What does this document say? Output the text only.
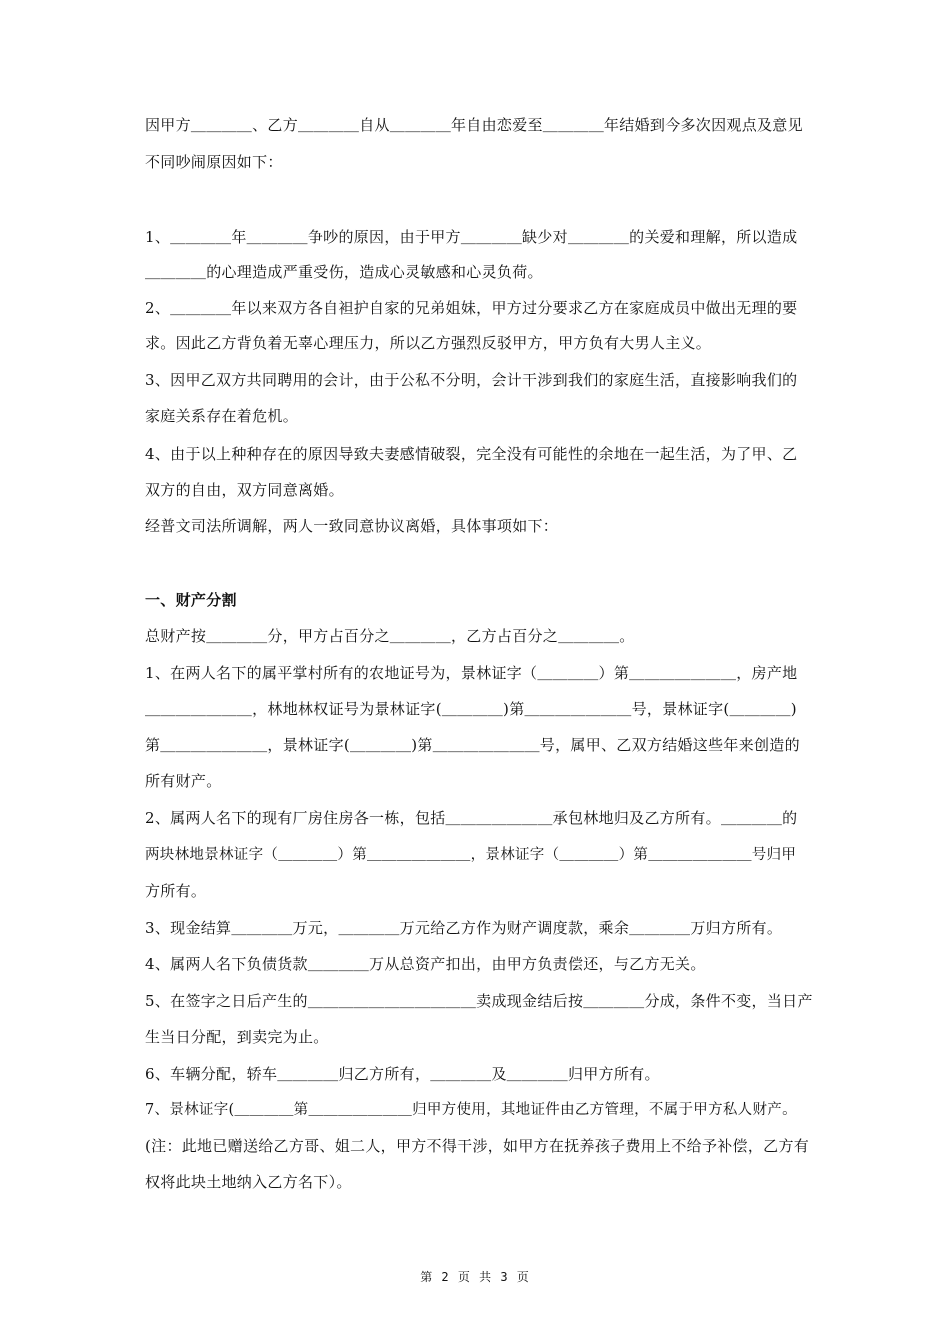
因甲方＿＿＿＿、乙方＿＿＿＿自从＿＿＿＿年自由恋爱至＿＿＿＿年结婚到今多次因观点及意见
不同吵闹原因如下：
1、＿＿＿＿年＿＿＿＿争吵的原因，由于甲方＿＿＿＿缺少对＿＿＿＿的关爱和理解，所以造成
＿＿＿＿的心理造成严重受伤，造成心灵敏感和心灵负荷。
2、＿＿＿＿年以来双方各自袒护自家的兄弟姐妹，甲方过分要求乙方在家庭成员中做出无理的要
求。因此乙方背负着无辜心理压力，所以乙方强烈反驳甲方，甲方负有大男人主义。
3、因甲乙双方共同聘用的会计，由于公私不分明，会计干涉到我们的家庭生活，直接影响我们的
家庭关系存在着危机。
4、由于以上种种存在的原因导致夫妻感情破裂，完全没有可能性的余地在一起生活，为了甲、乙
双方的自由，双方同意离婚。
经普文司法所调解，两人一致同意协议离婚，具体事项如下：
一、财产分割
总财产按＿＿＿＿分，甲方占百分之＿＿＿＿，乙方占百分之＿＿＿＿。
1、在两人名下的属平掌村所有的农地证号为，景林证字（＿＿＿＿）第＿＿＿＿＿＿＿，房产地
＿＿＿＿＿＿＿，林地林权证号为景林证字(＿＿＿＿)第＿＿＿＿＿＿＿号，景林证字(＿＿＿＿)
第＿＿＿＿＿＿＿，景林证字(＿＿＿＿)第＿＿＿＿＿＿＿号，属甲、乙双方结婚这些年来创造的
所有财产。
2、属两人名下的现有厂房住房各一栋，包括＿＿＿＿＿＿＿承包林地归及乙方所有。＿＿＿＿的
两块林地景林证字（＿＿＿＿）第＿＿＿＿＿＿＿，景林证字（＿＿＿＿）第＿＿＿＿＿＿＿号归甲
方所有。
3、现金结算＿＿＿＿万元，＿＿＿＿万元给乙方作为财产调度款，乘余＿＿＿＿万归方所有。
4、属两人名下负债货款＿＿＿＿万从总资产扣出，由甲方负责偿还，与乙方无关。
5、在签字之日后产生的＿＿＿＿＿＿＿＿＿＿＿卖成现金结后按＿＿＿＿分成，条件不变，当日产
生当日分配，到卖完为止。
6、车辆分配，轿车＿＿＿＿归乙方所有，＿＿＿＿及＿＿＿＿归甲方所有。
7、景林证字(＿＿＿＿第＿＿＿＿＿＿＿归甲方使用，其地证件由乙方管理，不属于甲方私人财产。
(注：此地已赠送给乙方哥、姐二人，甲方不得干涉，如甲方在抚养孩子费用上不给予补偿，乙方有
权将此块土地纳入乙方名下）。
第 2 页 共 3 页
